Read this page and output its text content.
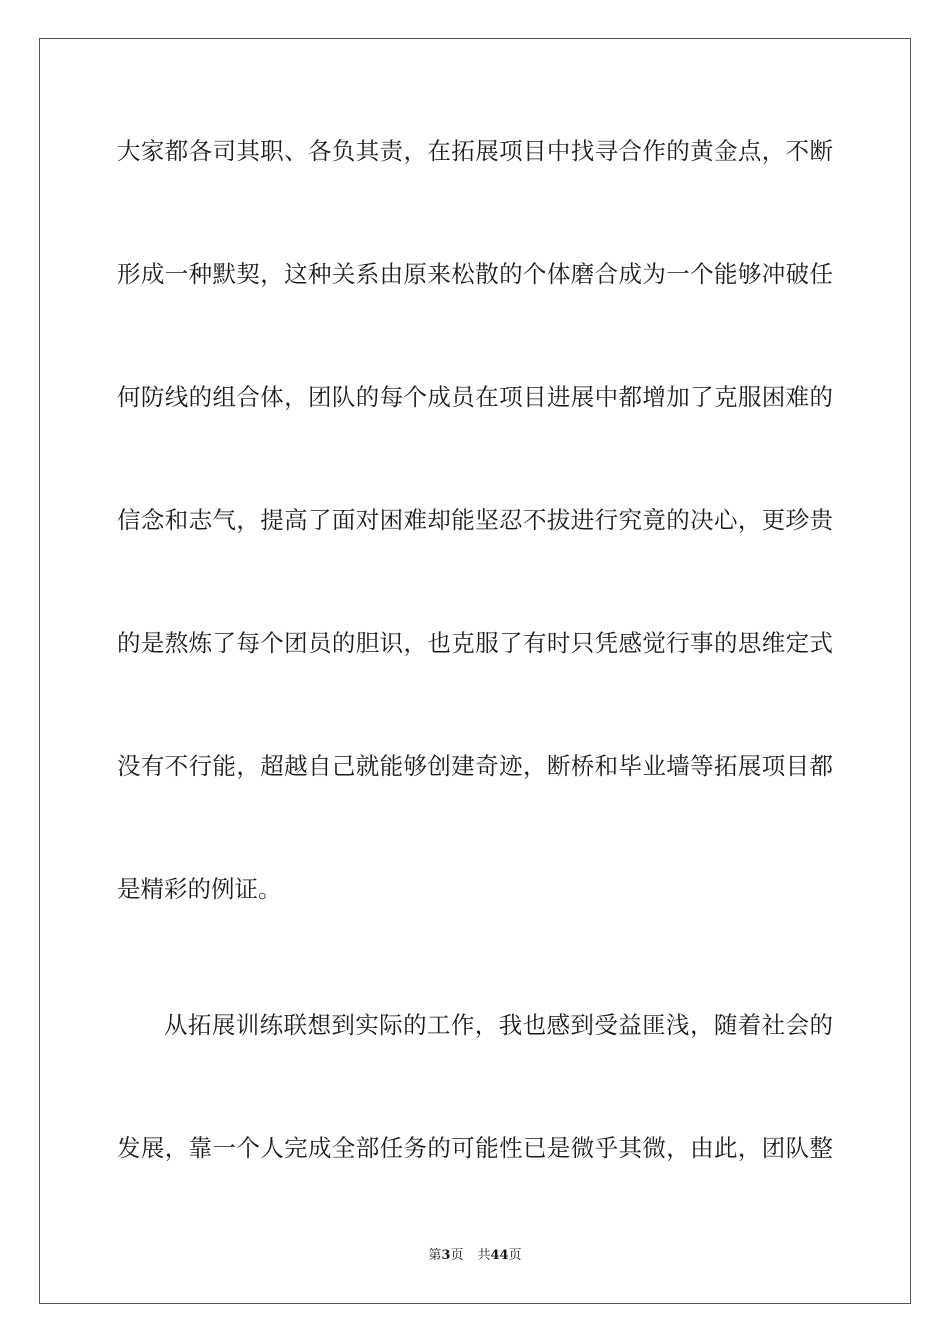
大家都各司其职、各负其责，在拓展项目中找寻合作的黄金点，不断
形成一种默契，这种关系由原来松散的个体磨合成为一个能够冲破任
何防线的组合体，团队的每个成员在项目进展中都增加了克服困难的
信念和志气，提高了面对困难却能坚忍不拔进行究竟的决心，更珍贵
的是熬炼了每个团员的胆识，也克服了有时只凭感觉行事的思维定式
没有不行能，超越自己就能够创建奇迹，断桥和毕业墙等拓展项目都
是精彩的例证。
从拓展训练联想到实际的工作，我也感到受益匪浅，随着社会的
发展，靠一个人完成全部任务的可能性已是微乎其微，由此，团队整
第3页 共44页
